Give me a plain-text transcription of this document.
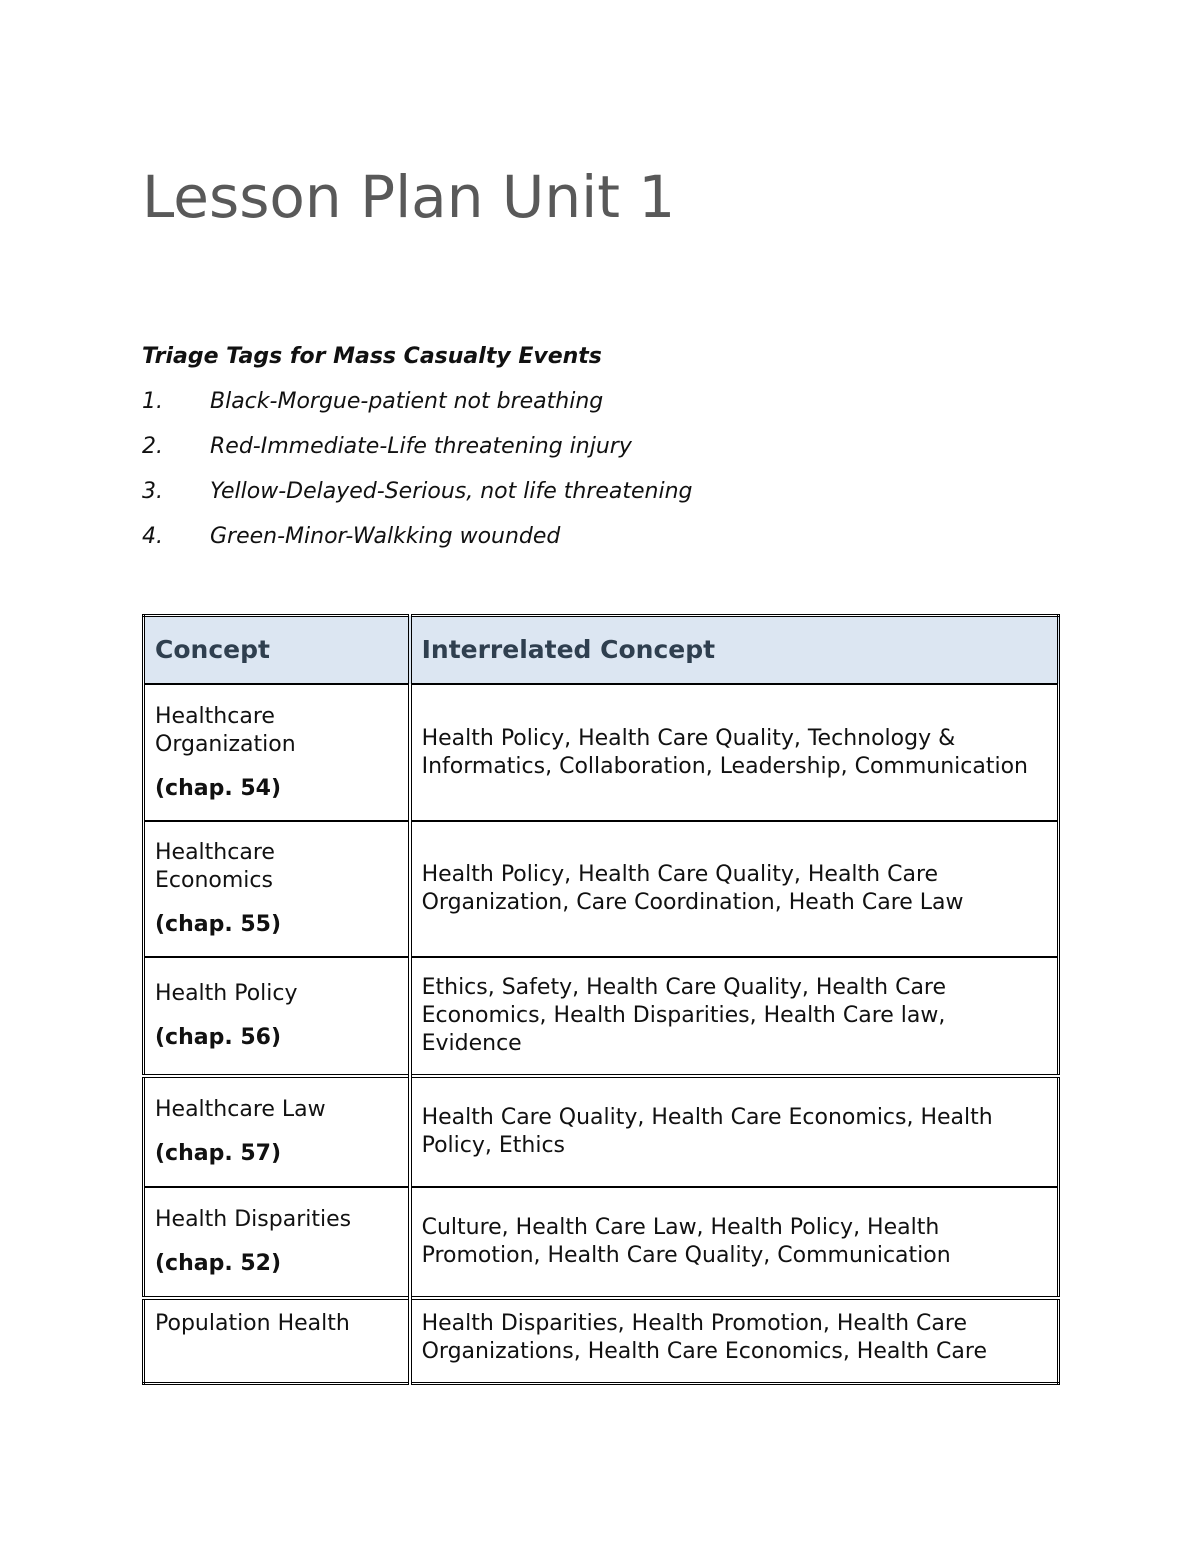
Lesson Plan Unit 1

Triage Tags for Mass Casualty Events

1. Black-Morgue-patient not breathing
2. Red-Immediate-Life threatening injury
3. Yellow-Delayed-Serious, not life threatening
4. Green-Minor-Walkking wounded
Concept	Interrelated Concept

Healthcare Organization
(chap. 54)	Health Policy, Health Care Quality, Technology & Informatics, Collaboration, Leadership, Communication

Healthcare Economics
(chap. 55)	Health Policy, Health Care Quality, Health Care Organization, Care Coordination, Heath Care Law

Health Policy
(chap. 56)	Ethics, Safety, Health Care Quality, Health Care Economics, Health Disparities, Health Care law, Evidence

Healthcare Law
(chap. 57)	Health Care Quality, Health Care Economics, Health Policy, Ethics

Health Disparities
(chap. 52)	Culture, Health Care Law, Health Policy, Health Promotion, Health Care Quality, Communication

Population Health	Health Disparities, Health Promotion, Health Care Organizations, Health Care Economics, Health Care
